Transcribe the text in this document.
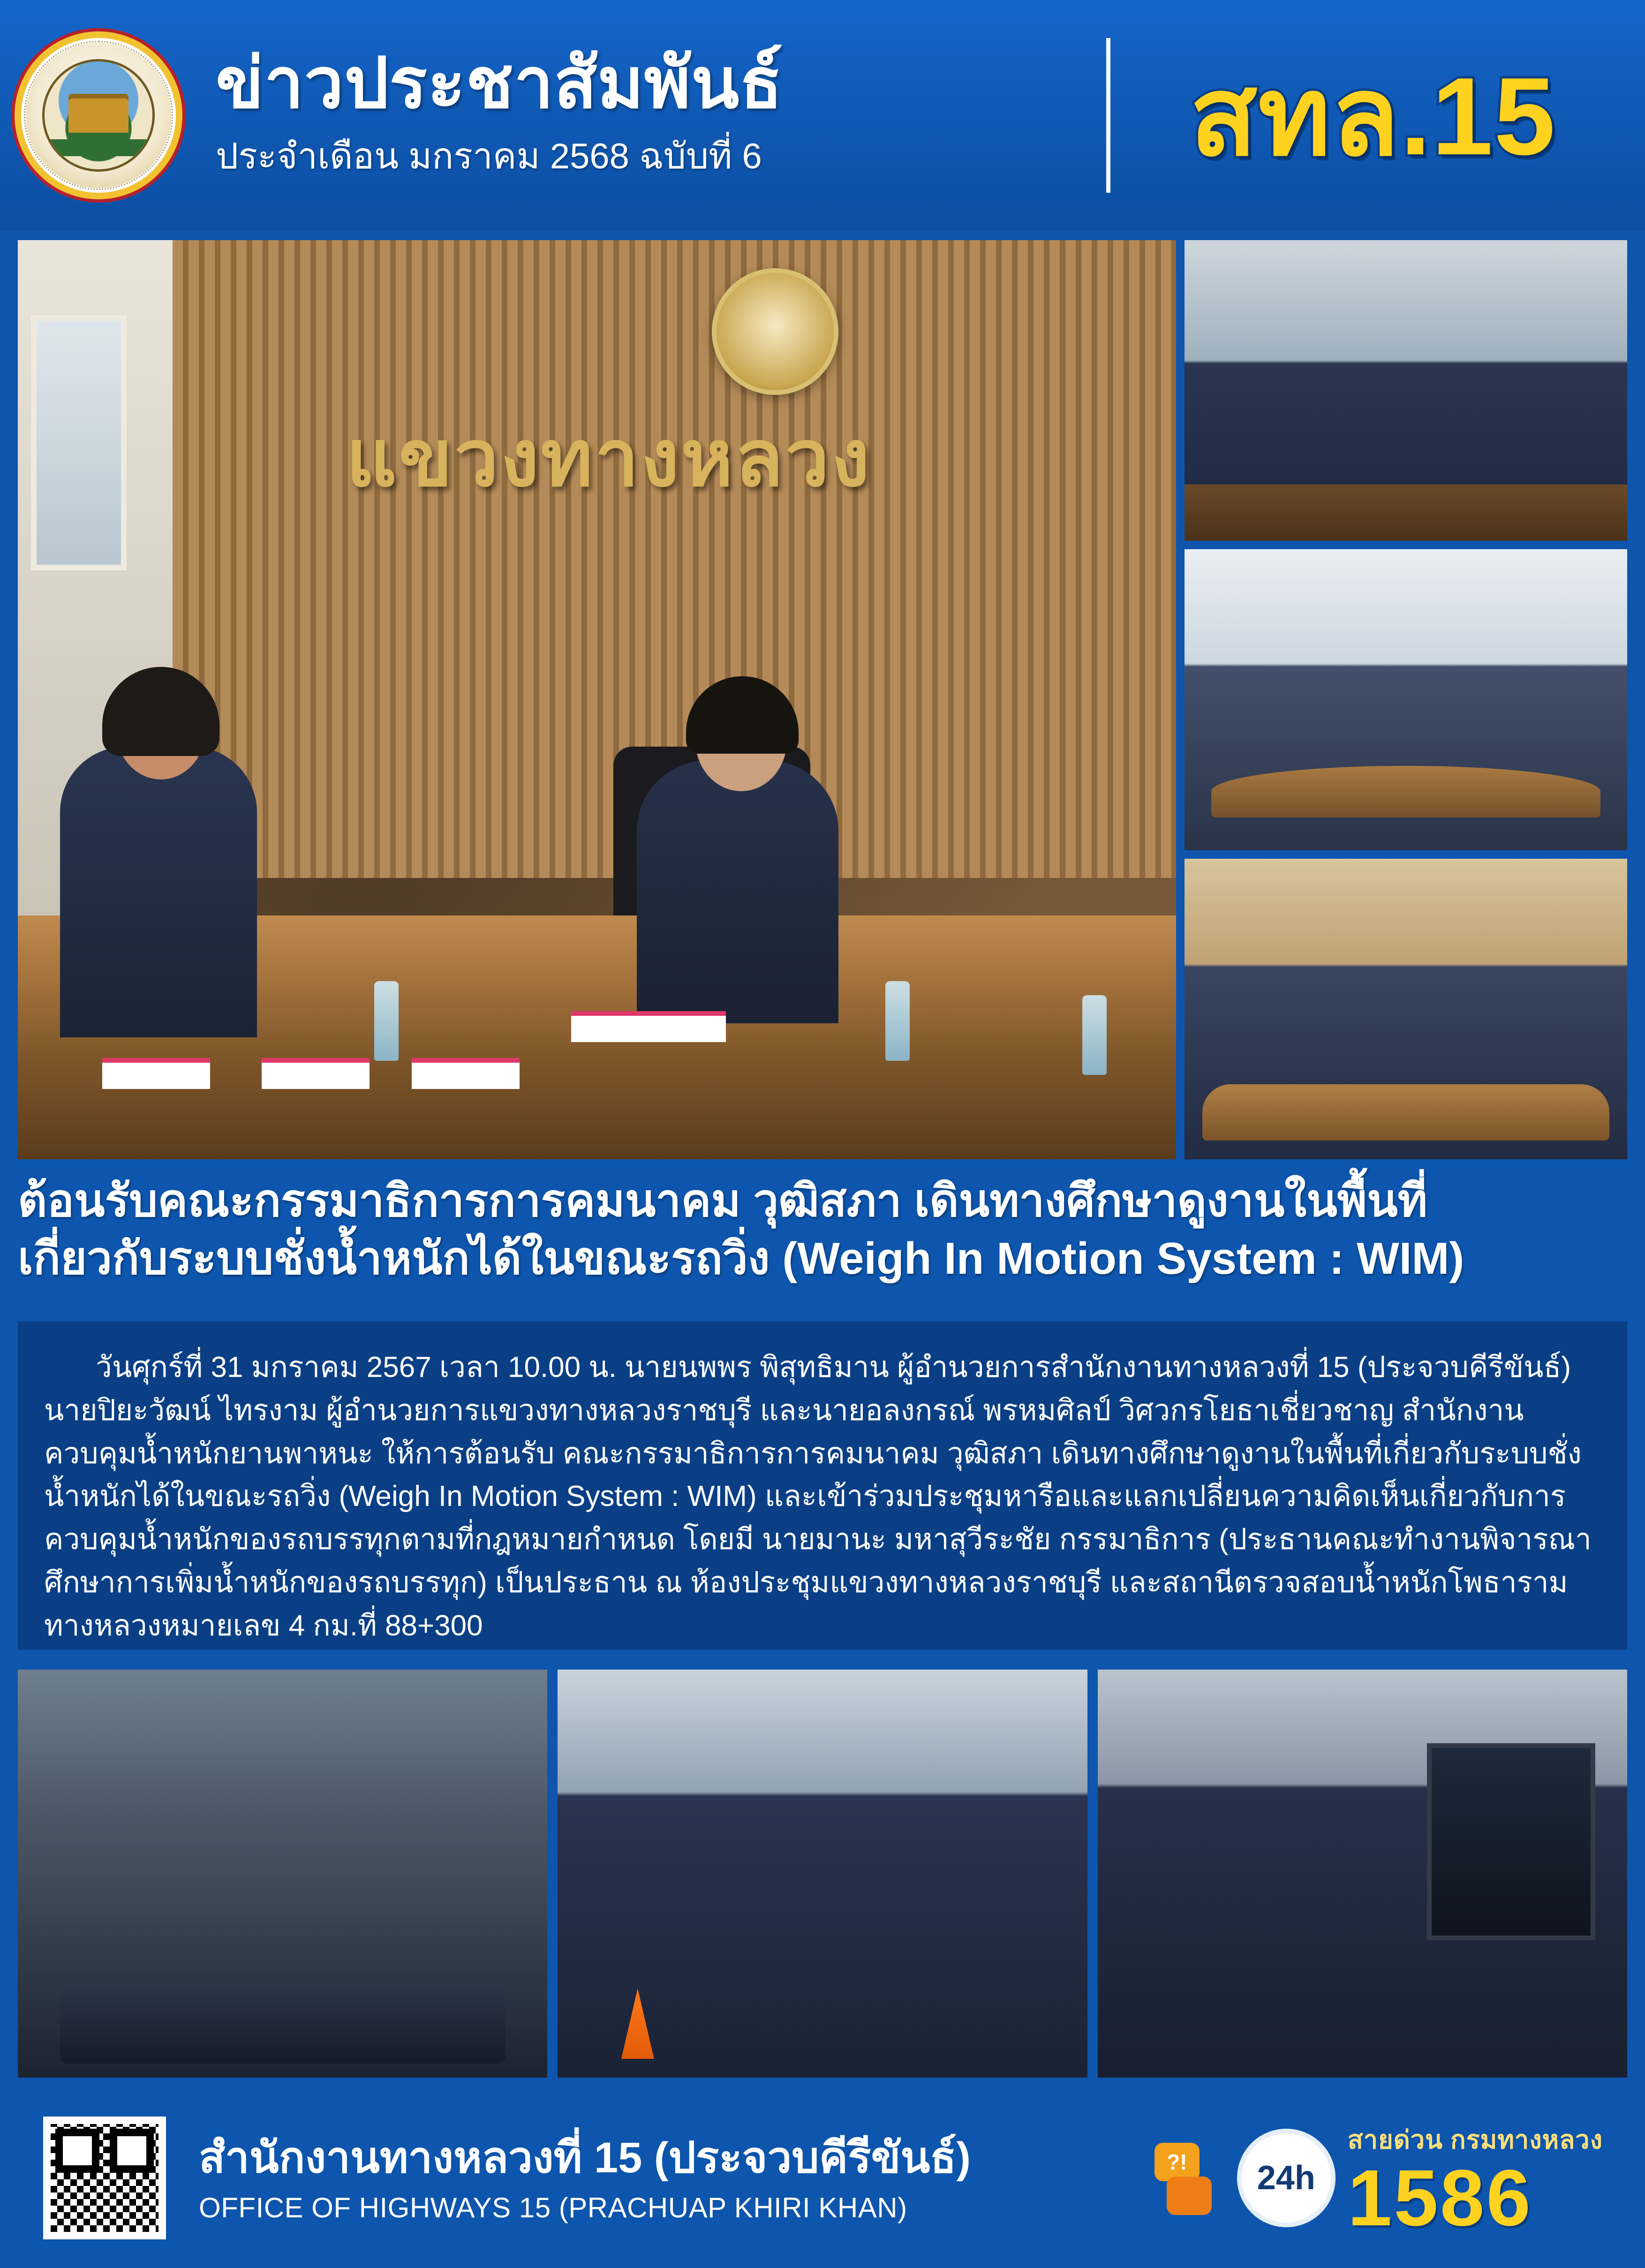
ข่าวประชาสัมพันธ์
ประจำเดือน มกราคม 2568 ฉบับที่ 6	สทล.15
แขวงทางหลวง
ต้อนรับคณะกรรมาธิการการคมนาคม วุฒิสภา เดินทางศึกษาดูงานในพื้นที่
เกี่ยวกับระบบชั่งน้ำหนักได้ในขณะรถวิ่ง (Weigh In Motion System : WIM)

วันศุกร์ที่ 31 มกราคม 2567 เวลา 10.00 น. นายนพพร พิสุทธิมาน ผู้อำนวยการสำนักงานทางหลวงที่ 15 (ประจวบคีรีขันธ์) นายปิยะวัฒน์ ไทรงาม ผู้อำนวยการแขวงทางหลวงราชบุรี และนายอลงกรณ์ พรหมศิลป์ วิศวกรโยธาเชี่ยวชาญ สำนักงานควบคุมน้ำหนักยานพาหนะ ให้การต้อนรับ คณะกรรมาธิการการคมนาคม วุฒิสภา เดินทางศึกษาดูงานในพื้นที่เกี่ยวกับระบบชั่งน้ำหนักได้ในขณะรถวิ่ง (Weigh In Motion System : WIM) และเข้าร่วมประชุมหารือและแลกเปลี่ยนความคิดเห็นเกี่ยวกับการควบคุมน้ำหนักของรถบรรทุกตามที่กฎหมายกำหนด โดยมี นายมานะ มหาสุวีระชัย กรรมาธิการ (ประธานคณะทำงานพิจารณาศึกษาการเพิ่มน้ำหนักของรถบรรทุก) เป็นประธาน ณ ห้องประชุมแขวงทางหลวงราชบุรี และสถานีตรวจสอบน้ำหนักโพธารามทางหลวงหมายเลข 4 กม.ที่ 88+300

สำนักงานทางหลวงที่ 15 (ประจวบคีรีขันธ์)
OFFICE OF HIGHWAYS 15 (PRACHUAP KHIRI KHAN)
?!	24h
สายด่วน กรมทางหลวง
1586
